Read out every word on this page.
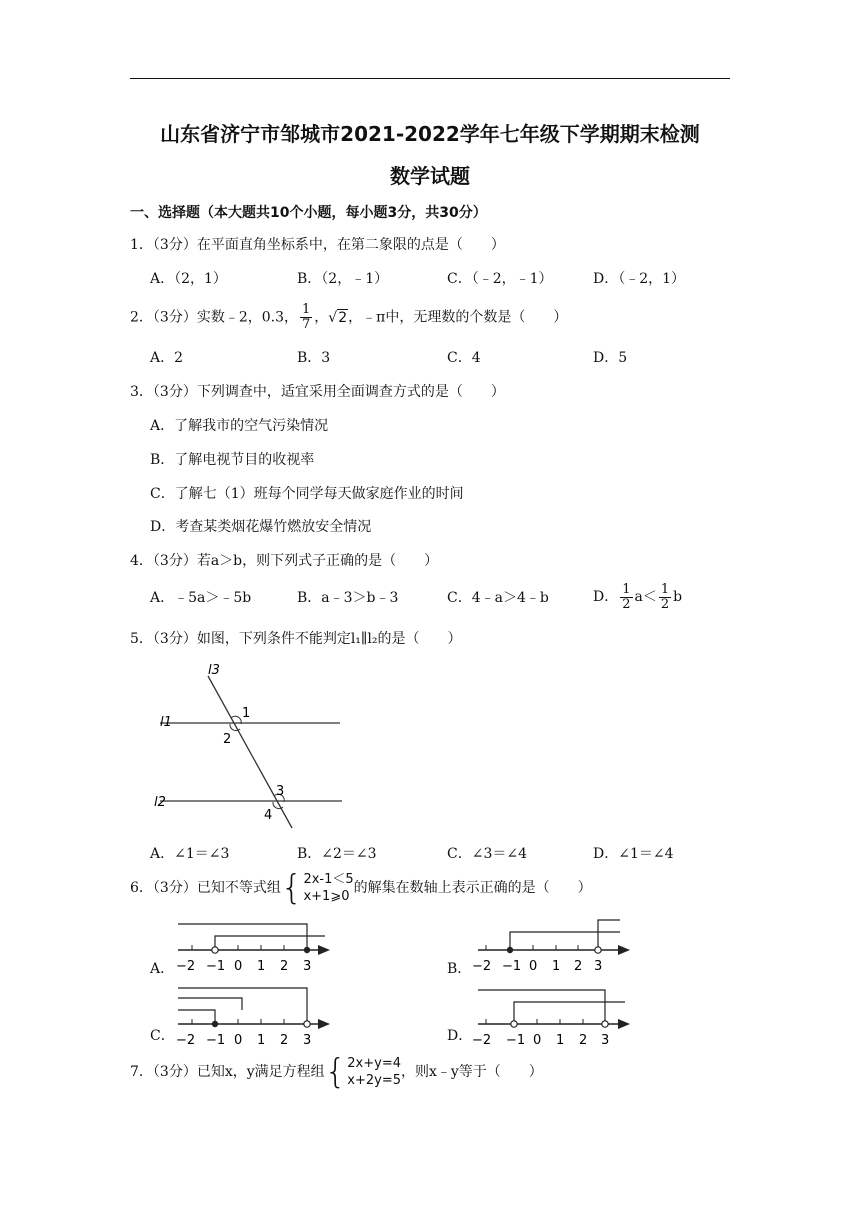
山东省济宁市邹城市2021-2022学年七年级下学期期末检测
数学试题
一、选择题（本大题共10个小题，每小题3分，共30分）
1．（3分）在平面直角坐标系中，在第二象限的点是（　　）
A．（2，1）	B．（2，﹣1）	C．（﹣2，﹣1）	D．（﹣2，1）
2．（3分）实数﹣2，0.3， $\frac{1}{7}$ ，√2，﹣π中，无理数的个数是（　　）
A．2	B．3	C．4	D．5
3．（3分）下列调查中，适宜采用全面调查方式的是（　　）
A．了解我市的空气污染情况
B．了解电视节目的收视率
C．了解七（1）班每个同学每天做家庭作业的时间
D．考查某类烟花爆竹燃放安全情况
4．（3分）若a＞b，则下列式子正确的是（　　）
A．﹣5a＞﹣5b	B．a﹣3＞b﹣3	C．4﹣a＞4﹣b	D． $\frac{1}{2} a< \frac{1}{2}$ b
5．（3分）如图，下列条件不能判定l₁∥l₂的是（　　）
l3
l1
l2
1
2
3
4
A．∠1＝∠3	B．∠2＝∠3	C．∠3＝∠4	D．∠1＝∠4
6．（3分）已知不等式组 { 2x-1＜5
x+1⩾0
的解集在数轴上表示正确的是（　　）
A．	B．
C．	D．
−2 −1 0 1 2 3	−2 −1 0 1 2 3
−2 −1 0 1 2 3	−2 −1 0 1 2 3
7．（3分）已知x，y满足方程组 { 2x+y=4
x+2y=5
，则x﹣y等于（　　）
